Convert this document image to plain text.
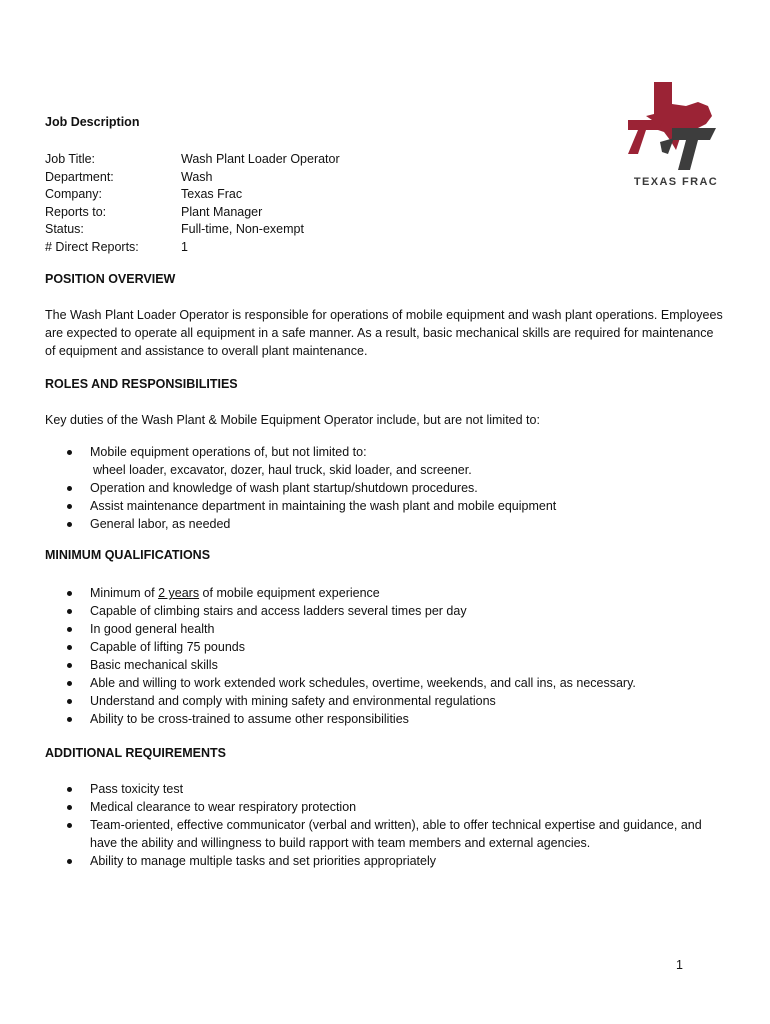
TEXAS FRAC
Job Description
Job Title:	Wash Plant Loader Operator
Department:	Wash
Company:	Texas Frac
Reports to:	Plant Manager
Status:	Full-time, Non-exempt
# Direct Reports:	1
POSITION OVERVIEW
The Wash Plant Loader Operator is responsible for operations of mobile equipment and wash plant operations. Employees are expected to operate all equipment in a safe manner. As a result, basic mechanical skills are required for maintenance of equipment and assistance to overall plant maintenance.
ROLES AND RESPONSIBILITIES
Key duties of the Wash Plant & Mobile Equipment Operator include, but are not limited to:
Mobile equipment operations of, but not limited to:
wheel loader, excavator, dozer, haul truck, skid loader, and screener.
Operation and knowledge of wash plant startup/shutdown procedures.
Assist maintenance department in maintaining the wash plant and mobile equipment
General labor, as needed
MINIMUM QUALIFICATIONS
Minimum of 2 years of mobile equipment experience
Capable of climbing stairs and access ladders several times per day
In good general health
Capable of lifting 75 pounds
Basic mechanical skills
Able and willing to work extended work schedules, overtime, weekends, and call ins, as necessary.
Understand and comply with mining safety and environmental regulations
Ability to be cross-trained to assume other responsibilities
ADDITIONAL REQUIREMENTS
Pass toxicity test
Medical clearance to wear respiratory protection
Team-oriented, effective communicator (verbal and written), able to offer technical expertise and guidance, and have the ability and willingness to build rapport with team members and external agencies.
Ability to manage multiple tasks and set priorities appropriately
1
